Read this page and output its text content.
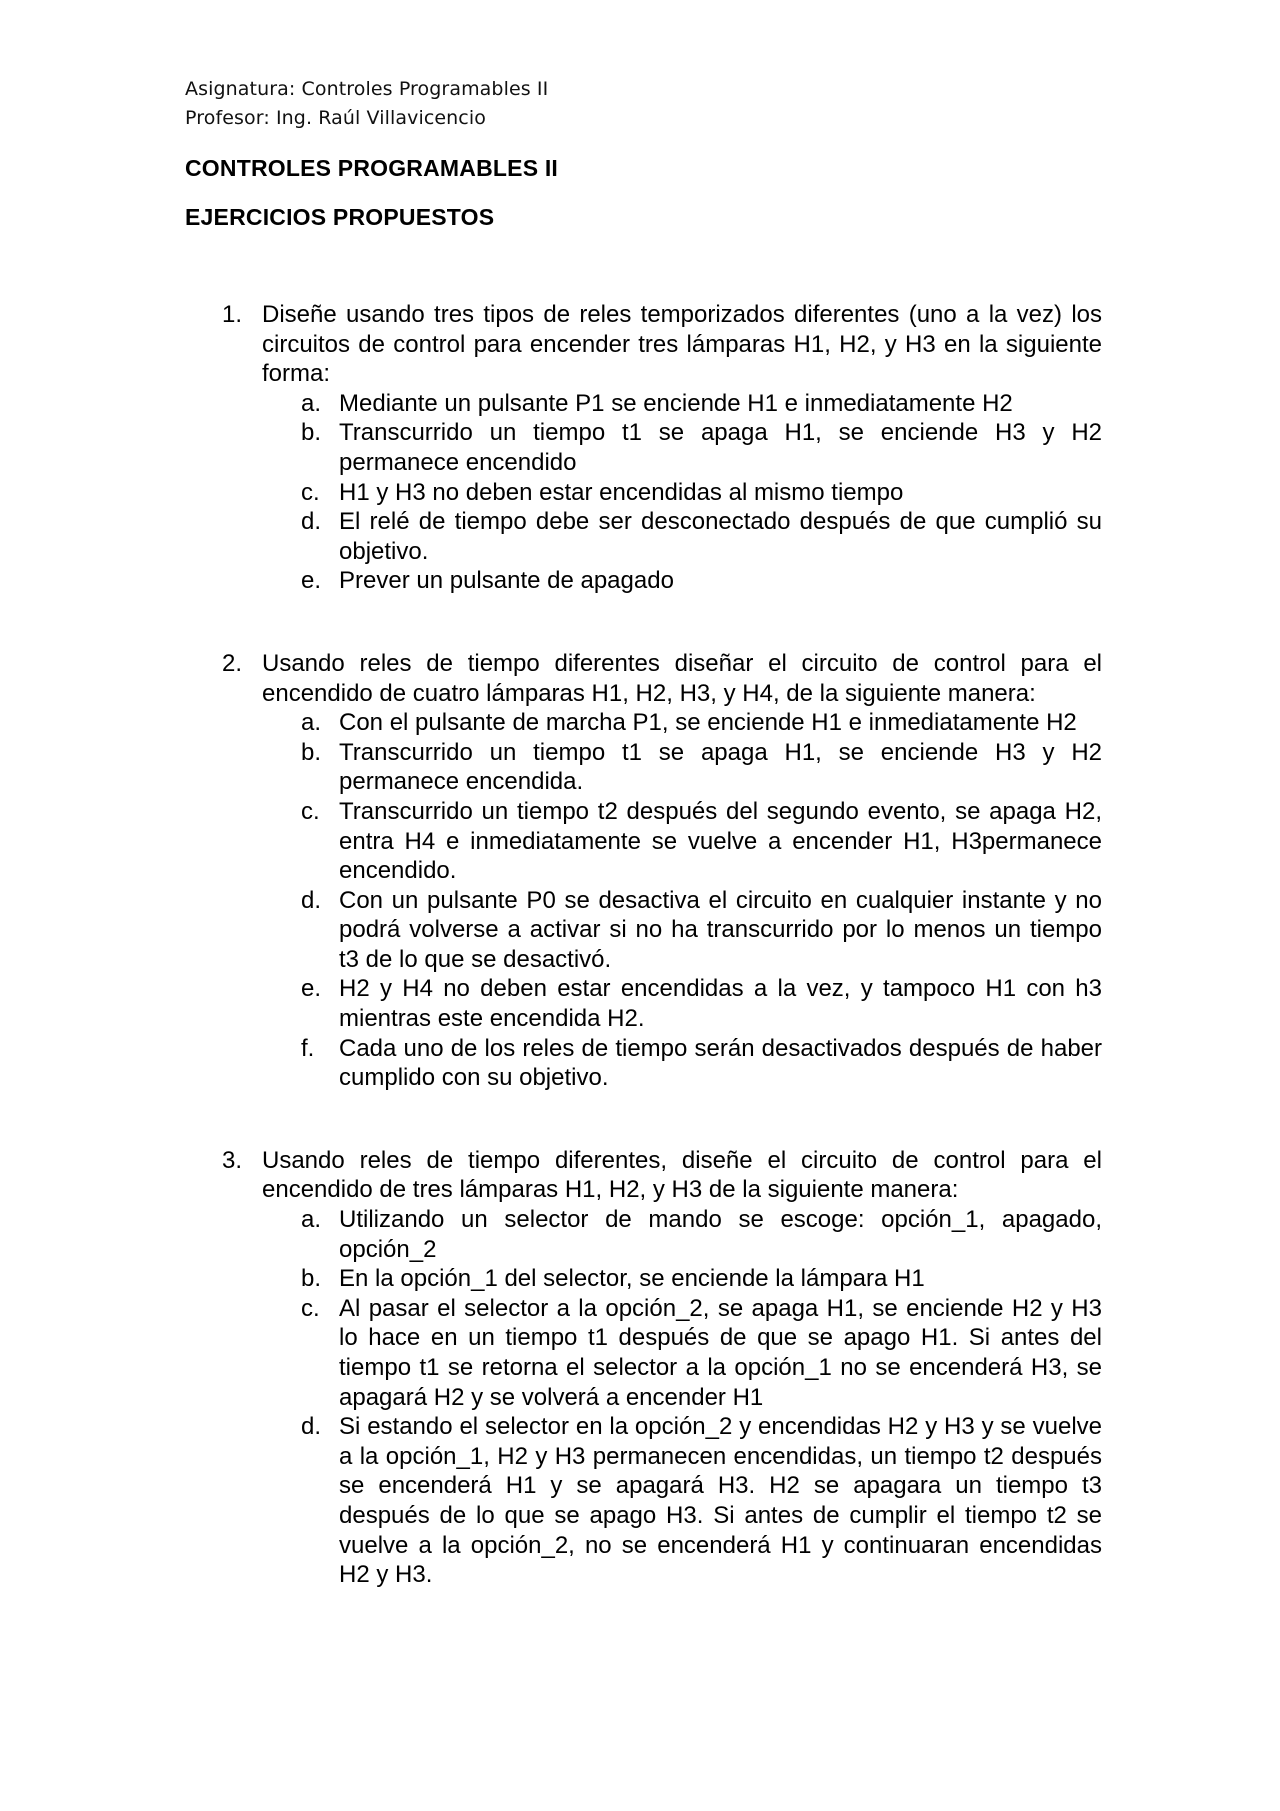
Asignatura: Controles Programables II
Profesor: Ing. Raúl Villavicencio
CONTROLES PROGRAMABLES II
EJERCICIOS PROPUESTOS
1. Diseñe usando tres tipos de reles temporizados diferentes (uno a la vez) los circuitos de control para encender tres lámparas H1, H2, y H3 en la siguiente forma:

a. Mediante un pulsante P1 se enciende H1 e inmediatamente H2

b. Transcurrido un tiempo t1 se apaga H1, se enciende H3 y H2 permanece encendido

c. H1 y H3 no deben estar encendidas al mismo tiempo

d. El relé de tiempo debe ser desconectado después de que cumplió su objetivo.

e. Prever un pulsante de apagado

2. Usando reles de tiempo diferentes diseñar el circuito de control para el encendido de cuatro lámparas H1, H2, H3, y H4, de la siguiente manera:

a. Con el pulsante de marcha P1, se enciende H1 e inmediatamente H2

b. Transcurrido un tiempo t1 se apaga H1, se enciende H3 y H2 permanece encendida.

c. Transcurrido un tiempo t2 después del segundo evento, se apaga H2, entra H4 e inmediatamente se vuelve a encender H1, H3permanece encendido.

d. Con un pulsante P0 se desactiva el circuito en cualquier instante y no podrá volverse a activar si no ha transcurrido por lo menos un tiempo t3 de lo que se desactivó.

e. H2 y H4 no deben estar encendidas a la vez, y tampoco H1 con h3 mientras este encendida H2.

f. Cada uno de los reles de tiempo serán desactivados después de haber cumplido con su objetivo.

3. Usando reles de tiempo diferentes, diseñe el circuito de control para el encendido de tres lámparas H1, H2, y H3 de la siguiente manera:

a. Utilizando un selector de mando se escoge: opción_1, apagado, opción_2

b. En la opción_1 del selector, se enciende la lámpara H1

c. Al pasar el selector a la opción_2, se apaga H1, se enciende H2 y H3 lo hace en un tiempo t1 después de que se apago H1. Si antes del tiempo t1 se retorna el selector a la opción_1 no se encenderá H3, se apagará H2 y se volverá a encender H1

d. Si estando el selector en la opción_2 y encendidas H2 y H3 y se vuelve a la opción_1, H2 y H3 permanecen encendidas, un tiempo t2 después se encenderá H1 y se apagará H3. H2 se apagara un tiempo t3 después de lo que se apago H3. Si antes de cumplir el tiempo t2 se vuelve a la opción_2, no se encenderá H1 y continuaran encendidas H2 y H3.
